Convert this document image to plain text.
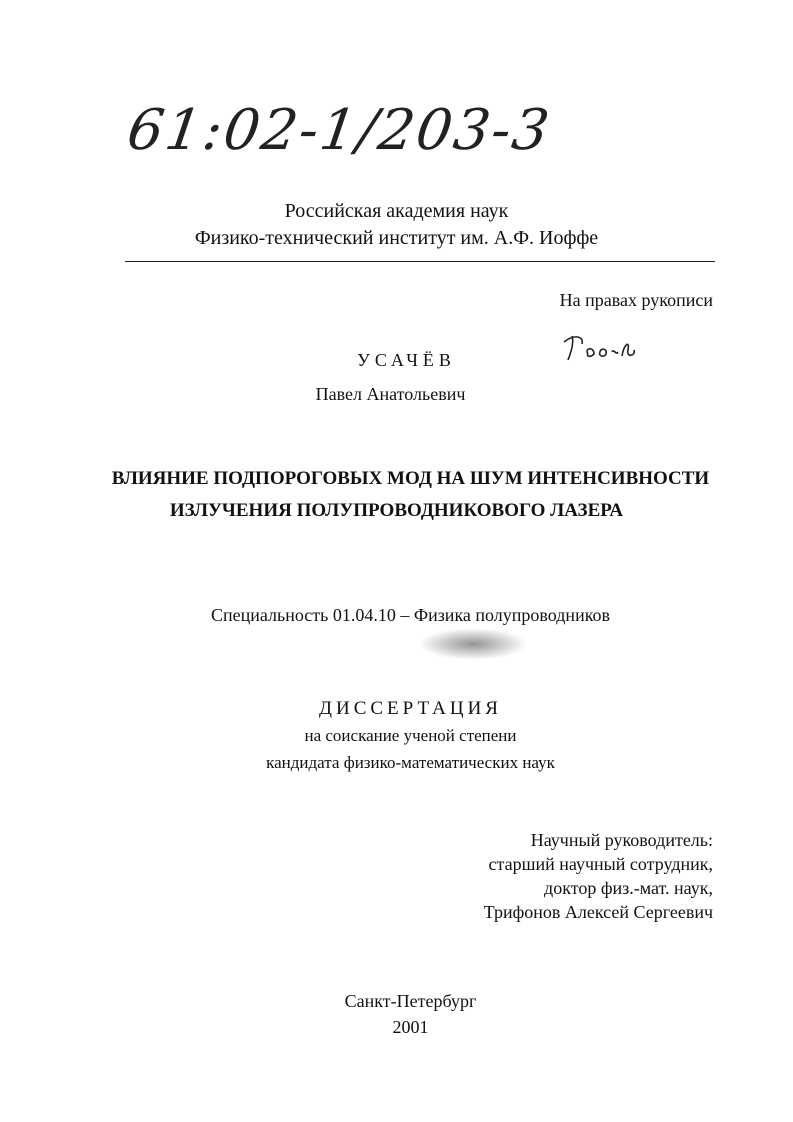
61:02-1/203-3
Российская академия наук
Физико-технический институт им. А.Ф. Иоффе
На правах рукописи
УСАЧЁВ
Павел Анатольевич
ВЛИЯНИЕ ПОДПОРОГОВЫХ МОД НА ШУМ ИНТЕНСИВНОСТИ
ИЗЛУЧЕНИЯ ПОЛУПРОВОДНИКОВОГО ЛАЗЕРА
Специальность 01.04.10 – Физика полупроводников
ДИССЕРТАЦИЯ
на соискание ученой степени
кандидата физико-математических наук
Научный руководитель:
старший научный сотрудник,
доктор физ.-мат. наук,
Трифонов Алексей Сергеевич
Санкт-Петербург
2001
